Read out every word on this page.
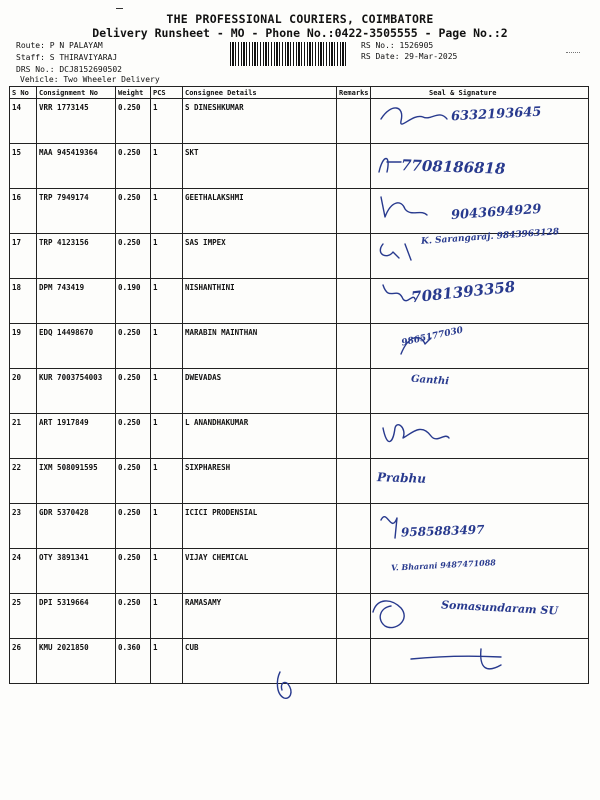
THE PROFESSIONAL COURIERS, COIMBATORE
Delivery Runsheet - MO - Phone No.:0422-3505555 - Page No.:2
Route: P N PALAYAM
Staff: S THIRAVIYARAJ
DRS No.: DCJ8152690502
Vehicle: Two Wheeler Delivery
RS No.: 1526905
RS Date: 29-Mar-2025
S No	Consignment No	Weight	PCS	Consignee Details	Remarks	Seal & Signature
14	VRR 1773145	0.250	1	S DINESHKUMAR		6332193645

15	MAA 945419364	0.250	1	SKT		7708186818

16	TRP 7949174	0.250	1	GEETHALAKSHMI		9043694929

17	TRP 4123156	0.250	1	SAS IMPEX		K. Sarangaraj. 9843963128

18	DPM 743419	0.190	1	NISHANTHINI		7081393358

19	EDQ 14498670	0.250	1	MARABIN MAINTHAN		9865177030

20	KUR 7003754003	0.250	1	DWEVADAS		Ganthi

21	ART 1917849	0.250	1	L ANANDHAKUMAR		

22	IXM 508091595	0.250	1	SIXPHARESH		Prabhu

23	GDR 5370428	0.250	1	ICICI PRODENSIAL		9585883497

24	OTY 3891341	0.250	1	VIJAY CHEMICAL		V. Bharani 9487471088

25	DPI 5319664	0.250	1	RAMASAMY		Somasundaram SU

26	KMU 2021850	0.360	1	CUB		
